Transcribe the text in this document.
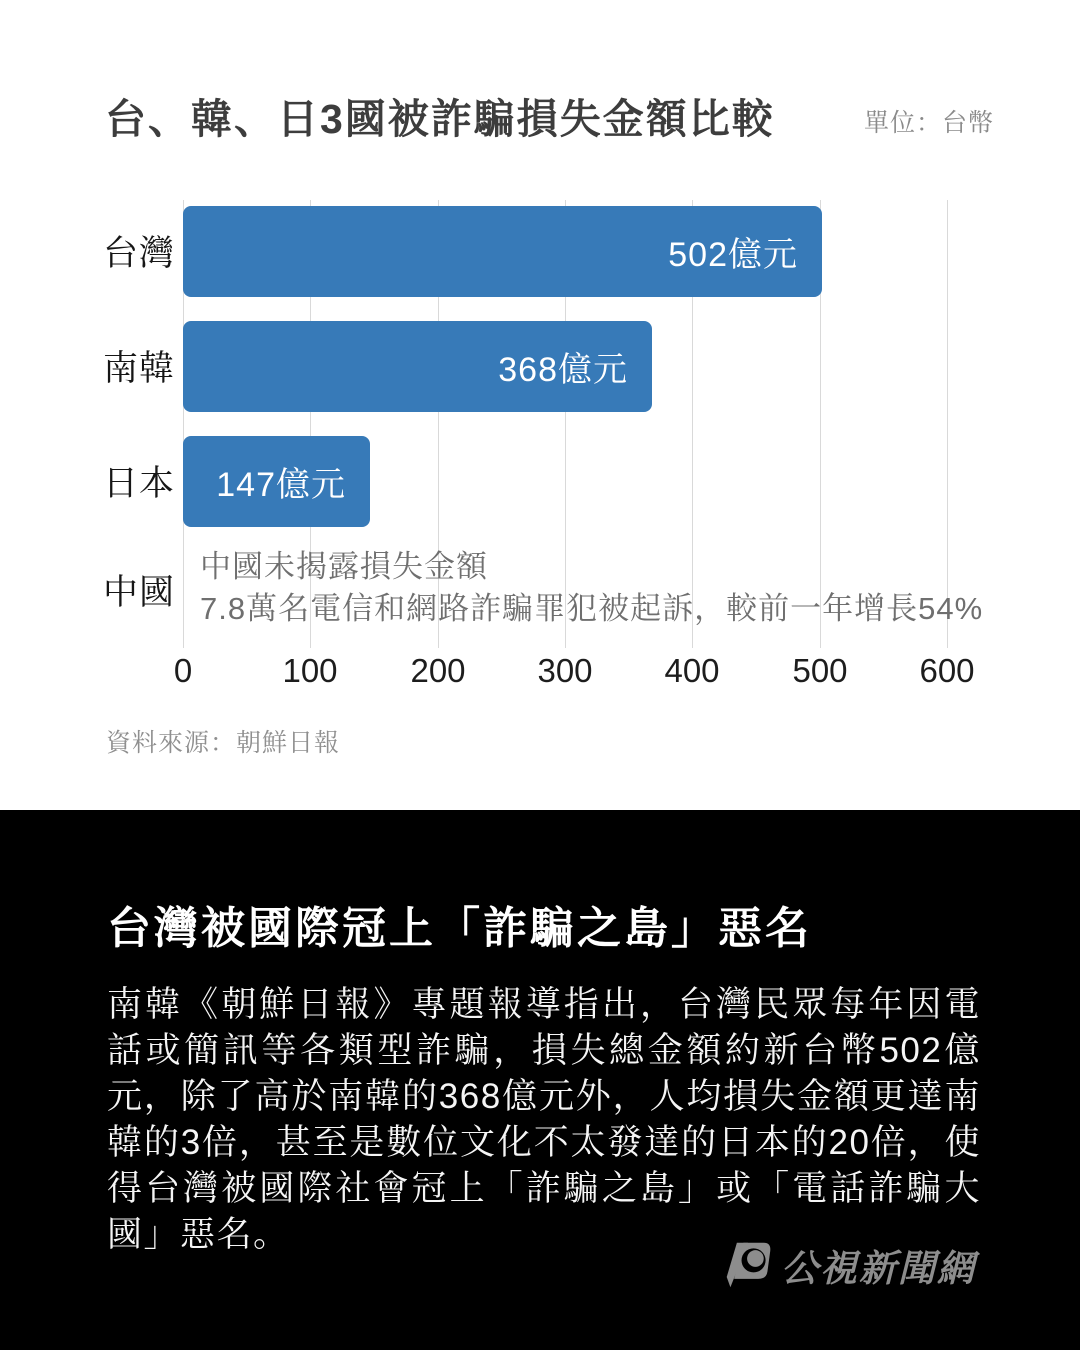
台、韓、日3國被詐騙損失金額比較	單位：台幣
502億元
368億元
147億元
台灣
南韓
日本
中國
中國未揭露損失金額
7.8萬名電信和網路詐騙罪犯被起訴，較前一年增長54%
0	100 200 300 400 500 600
資料來源：朝鮮日報
台灣被國際冠上「詐騙之島」惡名
南韓《朝鮮日報》專題報導指出，台灣民眾每年因電話或簡訊等各類型詐騙，損失總金額約新台幣502億元，除了高於南韓的368億元外，人均損失金額更達南韓的3倍，甚至是數位文化不太發達的日本的20倍，使得台灣被國際社會冠上「詐騙之島」或「電話詐騙大國」惡名。
公視新聞網
